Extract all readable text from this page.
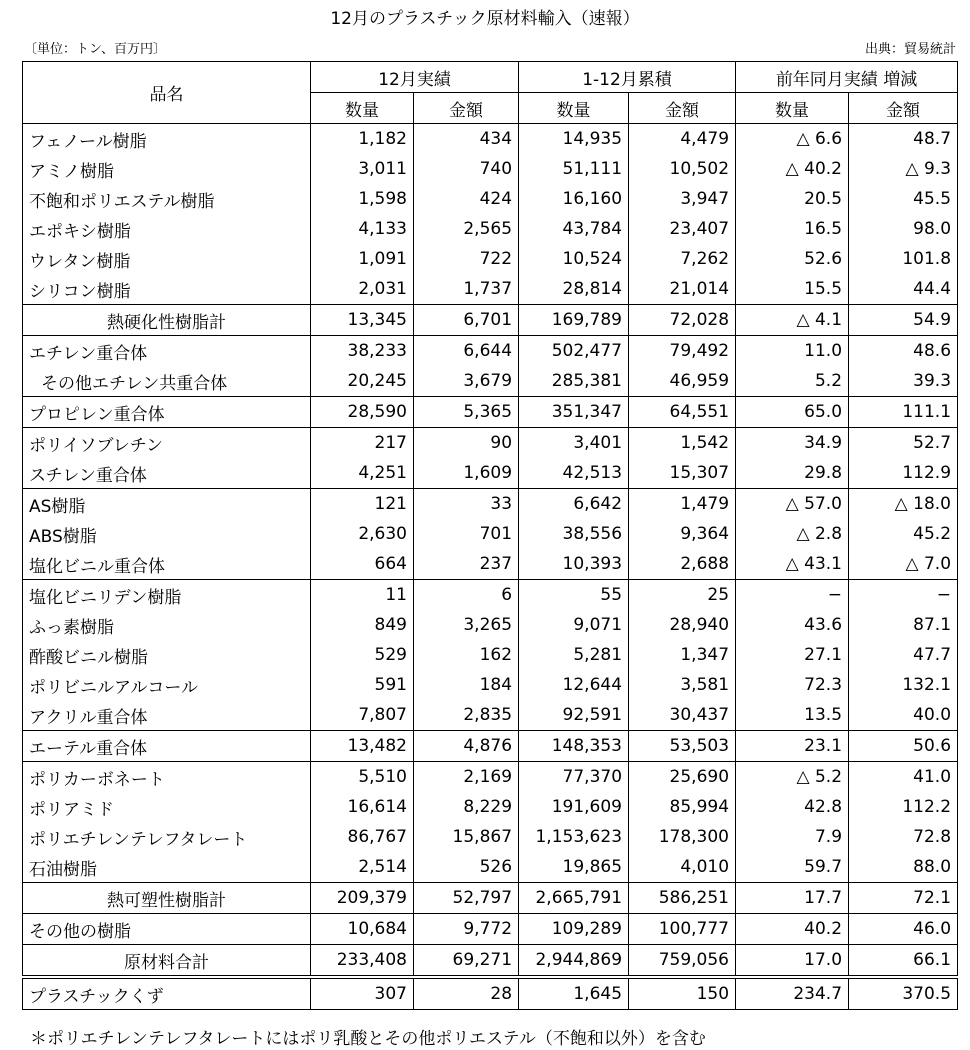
12月のプラスチック原材料輸入（速報）
〔単位：トン、百万円〕	出典：貿易統計
品名	12月実績		1-12月累積		前年同月実績 増減	
	数量	金額	数量	金額	数量	金額
フェノール樹脂	1,182	434	14,935	4,479	△ 6.6	48.7
アミノ樹脂	3,011	740	51,111	10,502	△ 40.2	△ 9.3
不飽和ポリエステル樹脂	1,598	424	16,160	3,947	20.5	45.5
エポキシ樹脂	4,133	2,565	43,784	23,407	16.5	98.0
ウレタン樹脂	1,091	722	10,524	7,262	52.6	101.8
シリコン樹脂	2,031	1,737	28,814	21,014	15.5	44.4
熱硬化性樹脂計	13,345	6,701	169,789	72,028	△ 4.1	54.9
エチレン重合体	38,233	6,644	502,477	79,492	11.0	48.6
その他エチレン共重合体	20,245	3,679	285,381	46,959	5.2	39.3
プロピレン重合体	28,590	5,365	351,347	64,551	65.0	111.1
ポリイソブレチン	217	90	3,401	1,542	34.9	52.7
スチレン重合体	4,251	1,609	42,513	15,307	29.8	112.9
AS樹脂	121	33	6,642	1,479	△ 57.0	△ 18.0
ABS樹脂	2,630	701	38,556	9,364	△ 2.8	45.2
塩化ビニル重合体	664	237	10,393	2,688	△ 43.1	△ 7.0
塩化ビニリデン樹脂	11	6	55	25	−	−
ふっ素樹脂	849	3,265	9,071	28,940	43.6	87.1
酢酸ビニル樹脂	529	162	5,281	1,347	27.1	47.7
ポリビニルアルコール	591	184	12,644	3,581	72.3	132.1
アクリル重合体	7,807	2,835	92,591	30,437	13.5	40.0
エーテル重合体	13,482	4,876	148,353	53,503	23.1	50.6
ポリカーボネート	5,510	2,169	77,370	25,690	△ 5.2	41.0
ポリアミド	16,614	8,229	191,609	85,994	42.8	112.2
ポリエチレンテレフタレート	86,767	15,867	1,153,623	178,300	7.9	72.8
石油樹脂	2,514	526	19,865	4,010	59.7	88.0
熱可塑性樹脂計	209,379	52,797	2,665,791	586,251	17.7	72.1
その他の樹脂	10,684	9,772	109,289	100,777	40.2	46.0
原材料合計	233,408	69,271	2,944,869	759,056	17.0	66.1
プラスチックくず	307	28	1,645	150	234.7	370.5
＊ポリエチレンテレフタレートにはポリ乳酸とその他ポリエステル（不飽和以外）を含む
